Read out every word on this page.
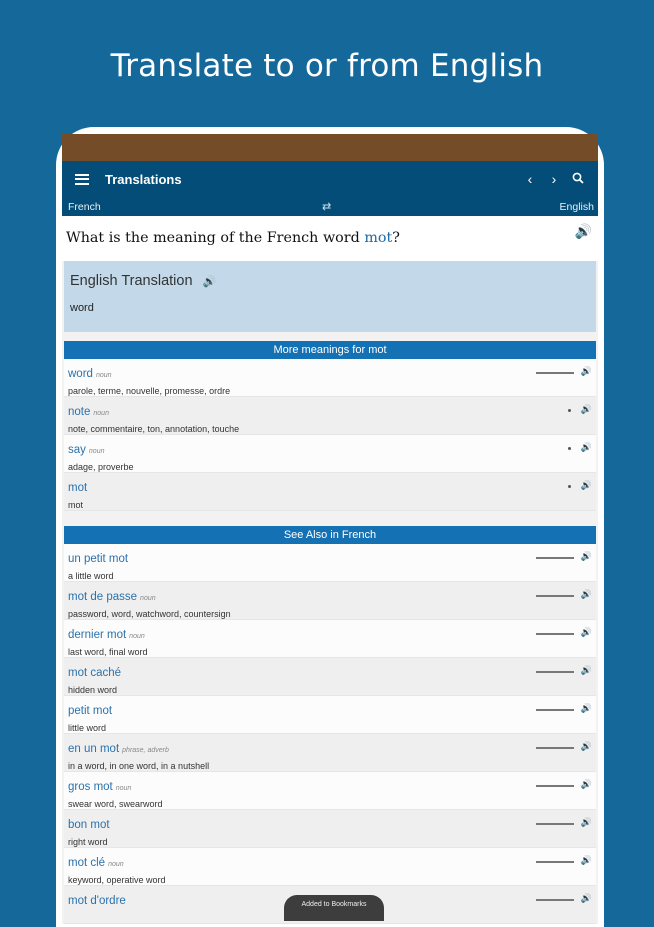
Translate to or from English
Translations	‹	›
French	⇄	English
What is the meaning of the French word mot?	🔊
English Translation 🔊
word
More meanings for mot
word noun
parole, terme, nouvelle, promesse, ordre
🔊
note noun
note, commentaire, ton, annotation, touche
🔊
say noun
adage, proverbe
🔊
mot
mot
🔊
See Also in French
un petit mot
a little word
🔊
mot de passe noun
password, word, watchword, countersign
🔊
dernier mot noun
last word, final word
🔊
mot caché
hidden word
🔊
petit mot
little word
🔊
en un mot phrase, adverb
in a word, in one word, in a nutshell
🔊
gros mot noun
swear word, swearword
🔊
bon mot
right word
🔊
mot clé noun
keyword, operative word
🔊
mot d'ordre	🔊
Added to Bookmarks
